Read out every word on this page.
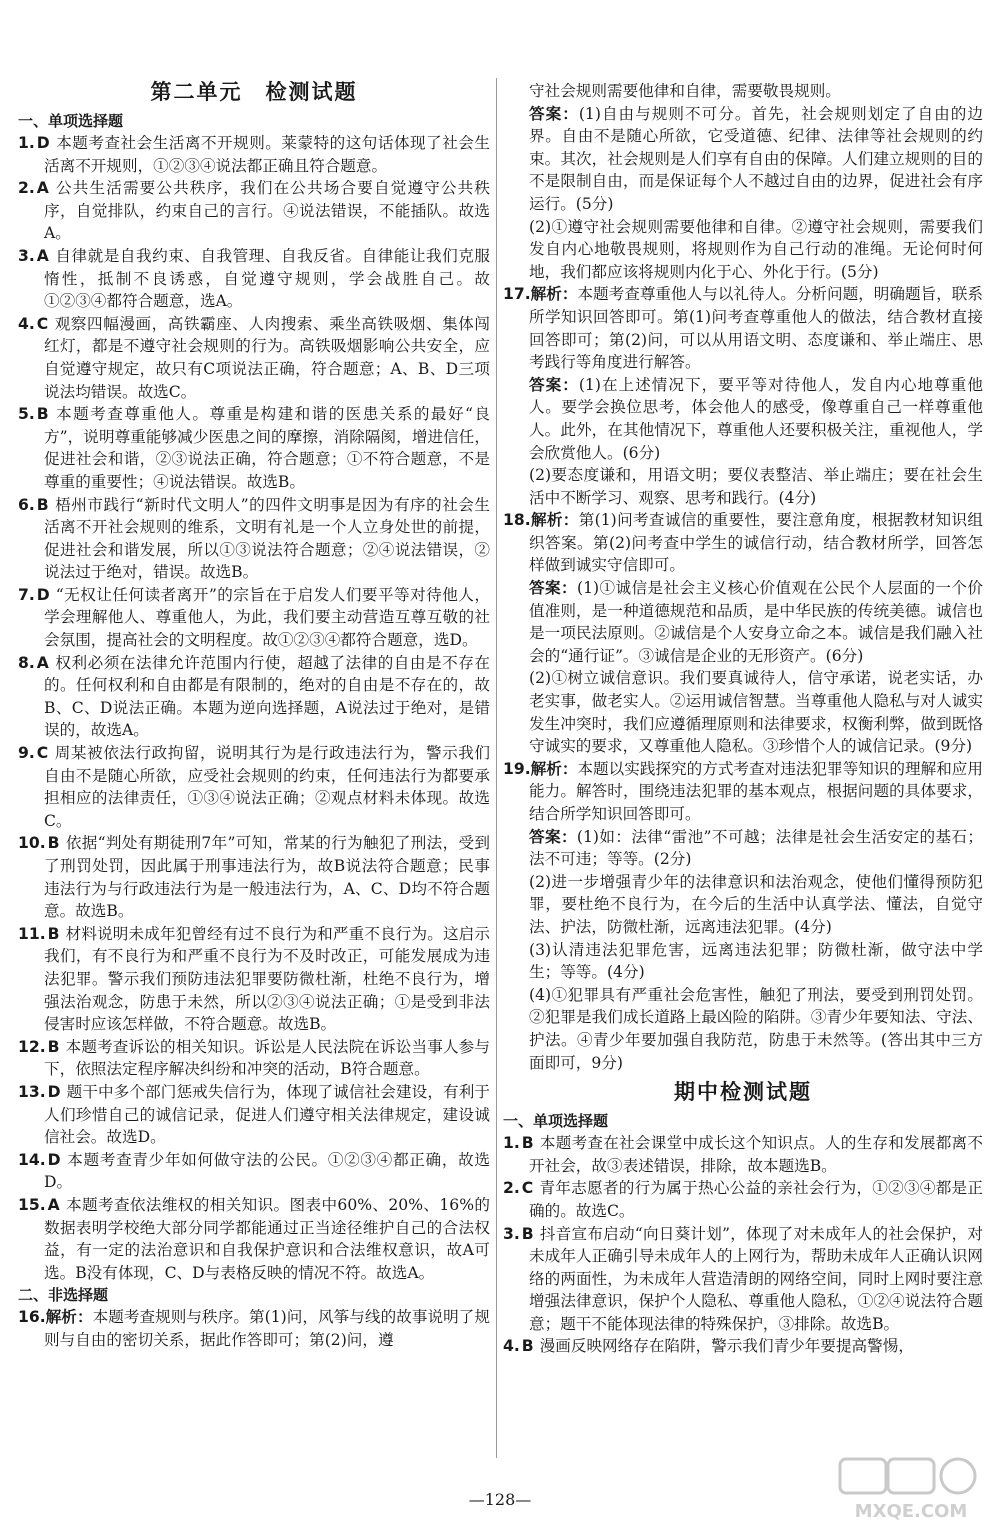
第二单元　检测试题
一、单项选择题

1. D 本题考查社会生活离不开规则。莱蒙特的这句话体现了社会生活离不开规则，①②③④说法都正确且符合题意。

2. A 公共生活需要公共秩序，我们在公共场合要自觉遵守公共秩序，自觉排队，约束自己的言行。④说法错误，不能插队。故选A。

3. A 自律就是自我约束、自我管理、自我反省。自律能让我们克服惰性，抵制不良诱惑，自觉遵守规则，学会战胜自己。故①②③④都符合题意，选A。

4. C 观察四幅漫画，高铁霸座、人肉搜索、乘坐高铁吸烟、集体闯红灯，都是不遵守社会规则的行为。高铁吸烟影响公共安全，应自觉遵守规定，故只有C项说法正确，符合题意；A、B、D三项说法均错误。故选C。

5. B 本题考查尊重他人。尊重是构建和谐的医患关系的最好“良方”，说明尊重能够减少医患之间的摩擦，消除隔阂，增进信任，促进社会和谐，②③说法正确，符合题意；①不符合题意，不是尊重的重要性；④说法错误。故选B。

6. B 梧州市践行“新时代文明人”的四件文明事是因为有序的社会生活离不开社会规则的维系，文明有礼是一个人立身处世的前提，促进社会和谐发展，所以①③说法符合题意；②④说法错误，②说法过于绝对，错误。故选B。

7. D “无权让任何读者离开”的宗旨在于启发人们要平等对待他人，学会理解他人、尊重他人，为此，我们要主动营造互尊互敬的社会氛围，提高社会的文明程度。故①②③④都符合题意，选D。

8. A 权利必须在法律允许范围内行使，超越了法律的自由是不存在的。任何权利和自由都是有限制的，绝对的自由是不存在的，故B、C、D说法正确。本题为逆向选择题，A说法过于绝对，是错误的，故选A。

9. C 周某被依法行政拘留，说明其行为是行政违法行为，警示我们自由不是随心所欲，应受社会规则的约束，任何违法行为都要承担相应的法律责任，①③④说法正确；②观点材料未体现。故选C。

10. B 依据“判处有期徒刑7年”可知，常某的行为触犯了刑法，受到了刑罚处罚，因此属于刑事违法行为，故B说法符合题意；民事违法行为与行政违法行为是一般违法行为，A、C、D均不符合题意。故选B。

11. B 材料说明未成年犯曾经有过不良行为和严重不良行为。这启示我们，有不良行为和严重不良行为不及时改正，可能发展成为违法犯罪。警示我们预防违法犯罪要防微杜渐，杜绝不良行为，增强法治观念，防患于未然，所以②③④说法正确；①是受到非法侵害时应该怎样做，不符合题意。故选B。

12. B 本题考查诉讼的相关知识。诉讼是人民法院在诉讼当事人参与下，依照法定程序解决纠纷和冲突的活动，B符合题意。

13. D 题干中多个部门惩戒失信行为，体现了诚信社会建设，有利于人们珍惜自己的诚信记录，促进人们遵守相关法律规定，建设诚信社会。故选D。

14. D 本题考查青少年如何做守法的公民。①②③④都正确，故选D。

15. A 本题考查依法维权的相关知识。图表中60%、20%、16%的数据表明学校绝大部分同学都能通过正当途径维护自己的合法权益，有一定的法治意识和自我保护意识和合法维权意识，故A可选。B没有体现，C、D与表格反映的情况不符。故选A。

二、非选择题

16.解析：本题考查规则与秩序。第(1)问，风筝与线的故事说明了规则与自由的密切关系，据此作答即可；第(2)问，遵

守社会规则需要他律和自律，需要敬畏规则。

答案：(1)自由与规则不可分。首先，社会规则划定了自由的边界。自由不是随心所欲，它受道德、纪律、法律等社会规则的约束。其次，社会规则是人们享有自由的保障。人们建立规则的目的不是限制自由，而是保证每个人不越过自由的边界，促进社会有序运行。(5分)

(2)①遵守社会规则需要他律和自律。②遵守社会规则，需要我们发自内心地敬畏规则，将规则作为自己行动的准绳。无论何时何地，我们都应该将规则内化于心、外化于行。(5分)

17.解析：本题考查尊重他人与以礼待人。分析问题，明确题旨，联系所学知识回答即可。第(1)问考查尊重他人的做法，结合教材直接回答即可；第(2)问，可以从用语文明、态度谦和、举止端庄、思考践行等角度进行解答。

答案：(1)在上述情况下，要平等对待他人，发自内心地尊重他人。要学会换位思考，体会他人的感受，像尊重自己一样尊重他人。此外，在其他情况下，尊重他人还要积极关注，重视他人，学会欣赏他人。(6分)

(2)要态度谦和，用语文明；要仪表整洁、举止端庄；要在社会生活中不断学习、观察、思考和践行。(4分)

18.解析：第(1)问考查诚信的重要性，要注意角度，根据教材知识组织答案。第(2)问考查中学生的诚信行动，结合教材所学，回答怎样做到诚实守信即可。

答案：(1)①诚信是社会主义核心价值观在公民个人层面的一个价值准则，是一种道德规范和品质，是中华民族的传统美德。诚信也是一项民法原则。②诚信是个人安身立命之本。诚信是我们融入社会的“通行证”。③诚信是企业的无形资产。(6分)

(2)①树立诚信意识。我们要真诚待人，信守承诺，说老实话，办老实事，做老实人。②运用诚信智慧。当尊重他人隐私与对人诚实发生冲突时，我们应遵循理原则和法律要求，权衡利弊，做到既恪守诚实的要求，又尊重他人隐私。③珍惜个人的诚信记录。(9分)

19.解析：本题以实践探究的方式考查对违法犯罪等知识的理解和应用能力。解答时，围绕违法犯罪的基本观点，根据问题的具体要求，结合所学知识回答即可。

答案：(1)如：法律“雷池”不可越；法律是社会生活安定的基石；法不可违；等等。(2分)

(2)进一步增强青少年的法律意识和法治观念，使他们懂得预防犯罪，要杜绝不良行为，在今后的生活中认真学法、懂法，自觉守法、护法，防微杜渐，远离违法犯罪。(4分)

(3)认清违法犯罪危害，远离违法犯罪；防微杜渐，做守法中学生；等等。(4分)

(4)①犯罪具有严重社会危害性，触犯了刑法，要受到刑罚处罚。②犯罪是我们成长道路上最凶险的陷阱。③青少年要知法、守法、护法。④青少年要加强自我防范，防患于未然等。(答出其中三方面即可，9分)

期中检测试题
一、单项选择题

1. B 本题考查在社会课堂中成长这个知识点。人的生存和发展都离不开社会，故③表述错误，排除，故本题选B。

2. C 青年志愿者的行为属于热心公益的亲社会行为，①②③④都是正确的。故选C。

3. B 抖音宣布启动“向日葵计划”，体现了对未成年人的社会保护，对未成年人正确引导未成年人的上网行为，帮助未成年人正确认识网络的两面性，为未成年人营造清朗的网络空间，同时上网时要注意增强法律意识，保护个人隐私、尊重他人隐私，①②④说法符合题意；题干不能体现法律的特殊保护，③排除。故选B。

4. B 漫画反映网络存在陷阱，警示我们青少年要提高警惕，

—128—
MXQE.COM
